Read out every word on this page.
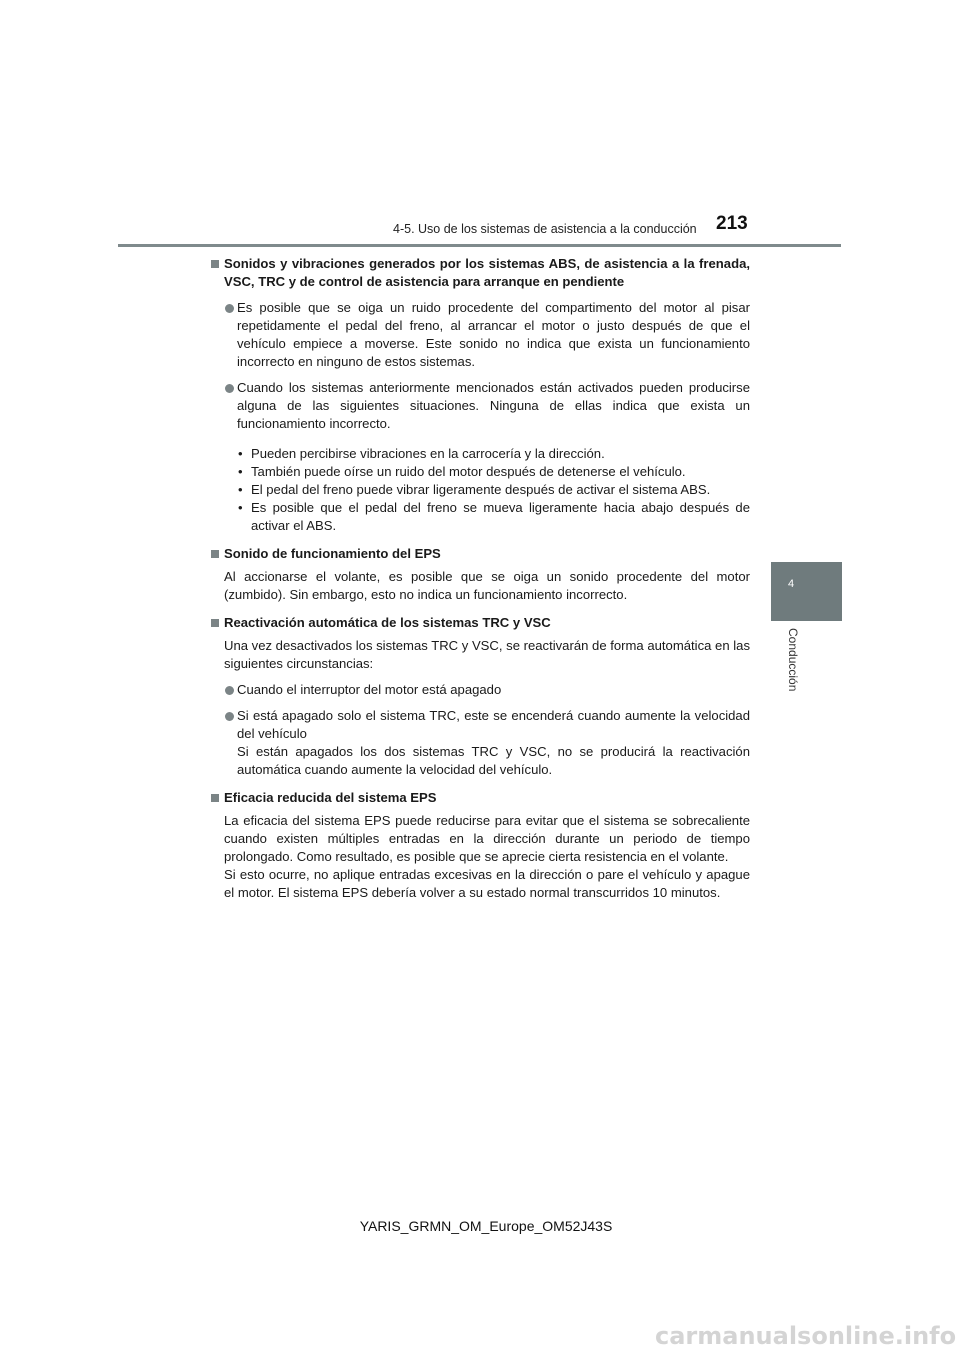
4-5. Uso de los sistemas de asistencia a la conducción 213
4
Conducción
Sonidos y vibraciones generados por los sistemas ABS, de asistencia a la frenada, VSC, TRC y de control de asistencia para arranque en pendiente
Es posible que se oiga un ruido procedente del compartimento del motor al pisar repetidamente el pedal del freno, al arrancar el motor o justo después de que el vehículo empiece a moverse. Este sonido no indica que exista un funcionamiento incorrecto en ninguno de estos sistemas.
Cuando los sistemas anteriormente mencionados están activados pueden producirse alguna de las siguientes situaciones. Ninguna de ellas indica que exista un funcionamiento incorrecto.
• Pueden percibirse vibraciones en la carrocería y la dirección.
• También puede oírse un ruido del motor después de detenerse el vehículo.
• El pedal del freno puede vibrar ligeramente después de activar el sistema ABS.
• Es posible que el pedal del freno se mueva ligeramente hacia abajo después de activar el ABS.
Sonido de funcionamiento del EPS
Al accionarse el volante, es posible que se oiga un sonido procedente del motor (zumbido). Sin embargo, esto no indica un funcionamiento incorrecto.
Reactivación automática de los sistemas TRC y VSC
Una vez desactivados los sistemas TRC y VSC, se reactivarán de forma automática en las siguientes circunstancias:
Cuando el interruptor del motor está apagado
Si está apagado solo el sistema TRC, este se encenderá cuando aumente la velocidad del vehículo
Si están apagados los dos sistemas TRC y VSC, no se producirá la reactivación automática cuando aumente la velocidad del vehículo.
Eficacia reducida del sistema EPS
La eficacia del sistema EPS puede reducirse para evitar que el sistema se sobrecaliente cuando existen múltiples entradas en la dirección durante un periodo de tiempo prolongado. Como resultado, es posible que se aprecie cierta resistencia en el volante.
Si esto ocurre, no aplique entradas excesivas en la dirección o pare el vehículo y apague el motor. El sistema EPS debería volver a su estado normal transcurridos 10 minutos.
YARIS_GRMN_OM_Europe_OM52J43S
carmanualsonline.info
